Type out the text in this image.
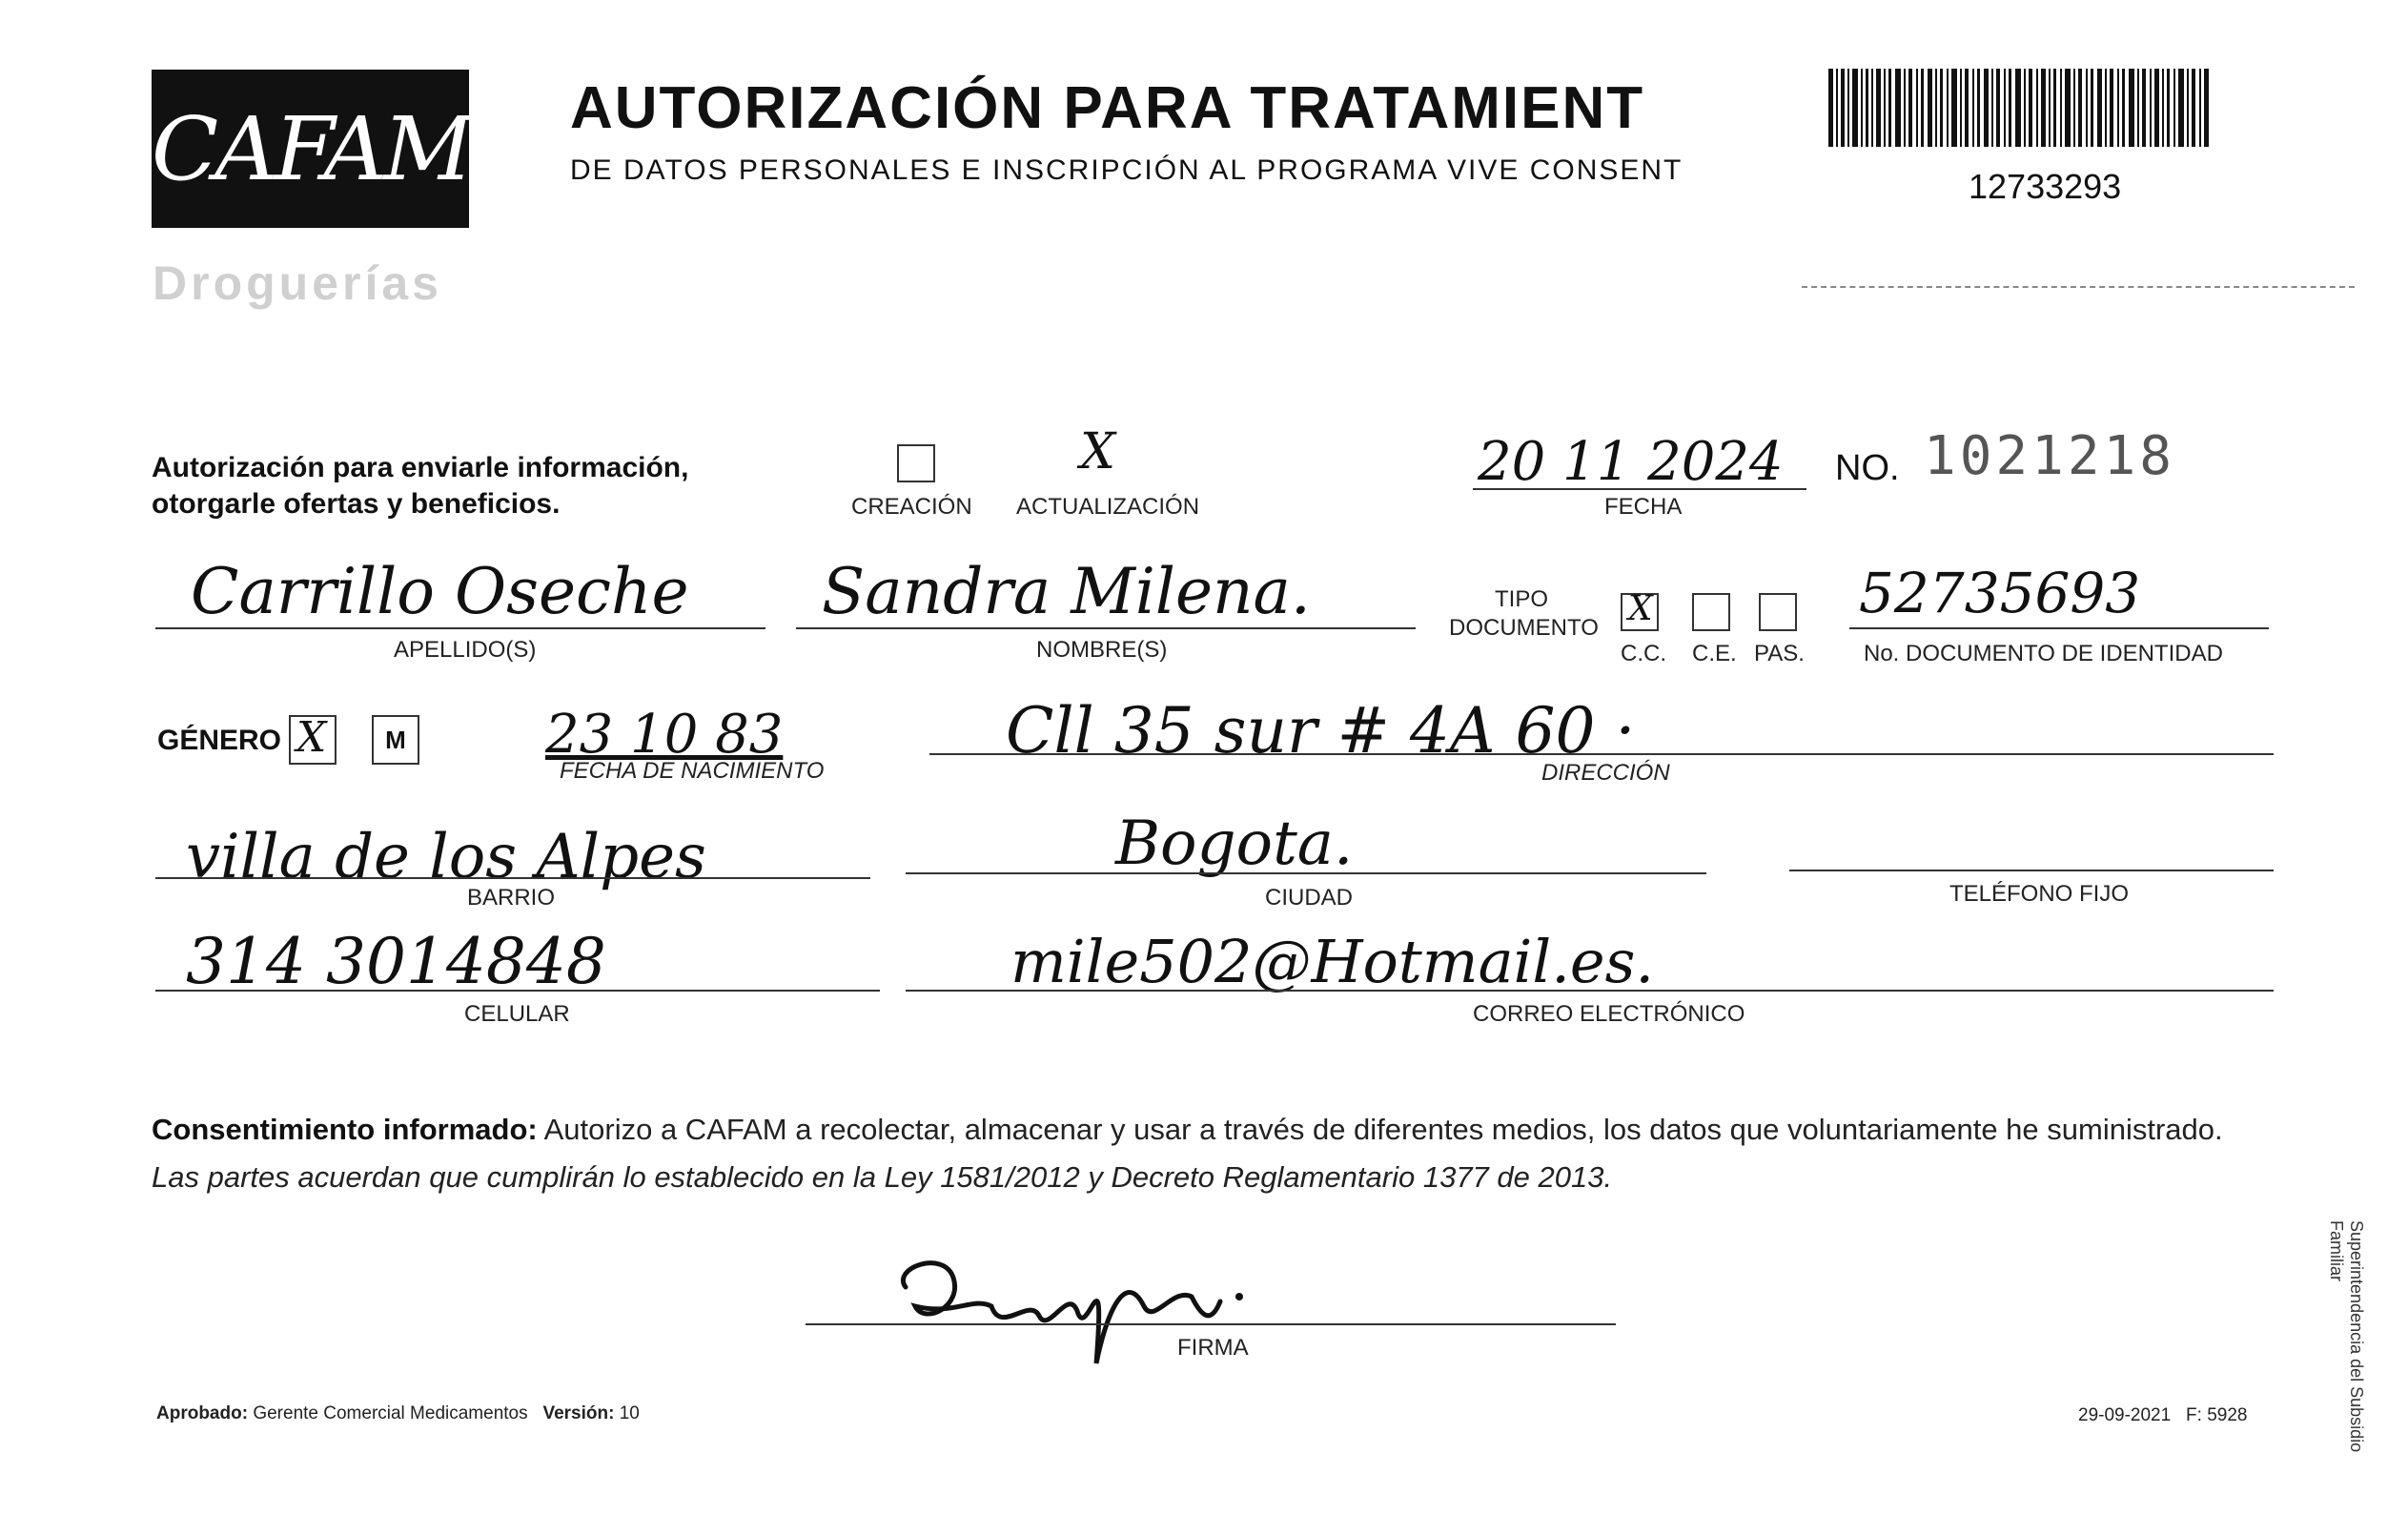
CAFAM
Droguerías
AUTORIZACIÓN PARA TRATAMIENT
DE DATOS PERSONALES E INSCRIPCIÓN AL PROGRAMA VIVE CONSENT	12733293
Autorización para enviarle información,
otorgarle ofertas y beneficios.	CREACIÓN
X
ACTUALIZACIÓN
20 11 2024
FECHA
NO. 1021218
Carrillo Oseche
APELLIDO(S)
Sandra Milena.
NOMBRE(S)
TIPO
DOCUMENTO X
C.C. C.E. PAS.
52735693
No. DOCUMENTO DE IDENTIDAD
GÉNERO X M	23 10 83
FECHA DE NACIMIENTO
Cll 35 sur # 4A 60 ·
DIRECCIÓN
villa de los Alpes
BARRIO
Bogota.
CIUDAD	TELÉFONO FIJO
314 3014848
CELULAR
mile502@Hotmail.es.
CORREO ELECTRÓNICO
Consentimiento informado: Autorizo a CAFAM a recolectar, almacenar y usar a través de diferentes medios, los datos que voluntariamente he suministrado.
Las partes acuerdan que cumplirán lo establecido en la Ley 1581/2012 y Decreto Reglamentario 1377 de 2013.
FIRMA
Aprobado: Gerente Comercial Medicamentos Versión: 10	29-09-2021 F: 5928	Superintendencia del Subsidio Familiar
